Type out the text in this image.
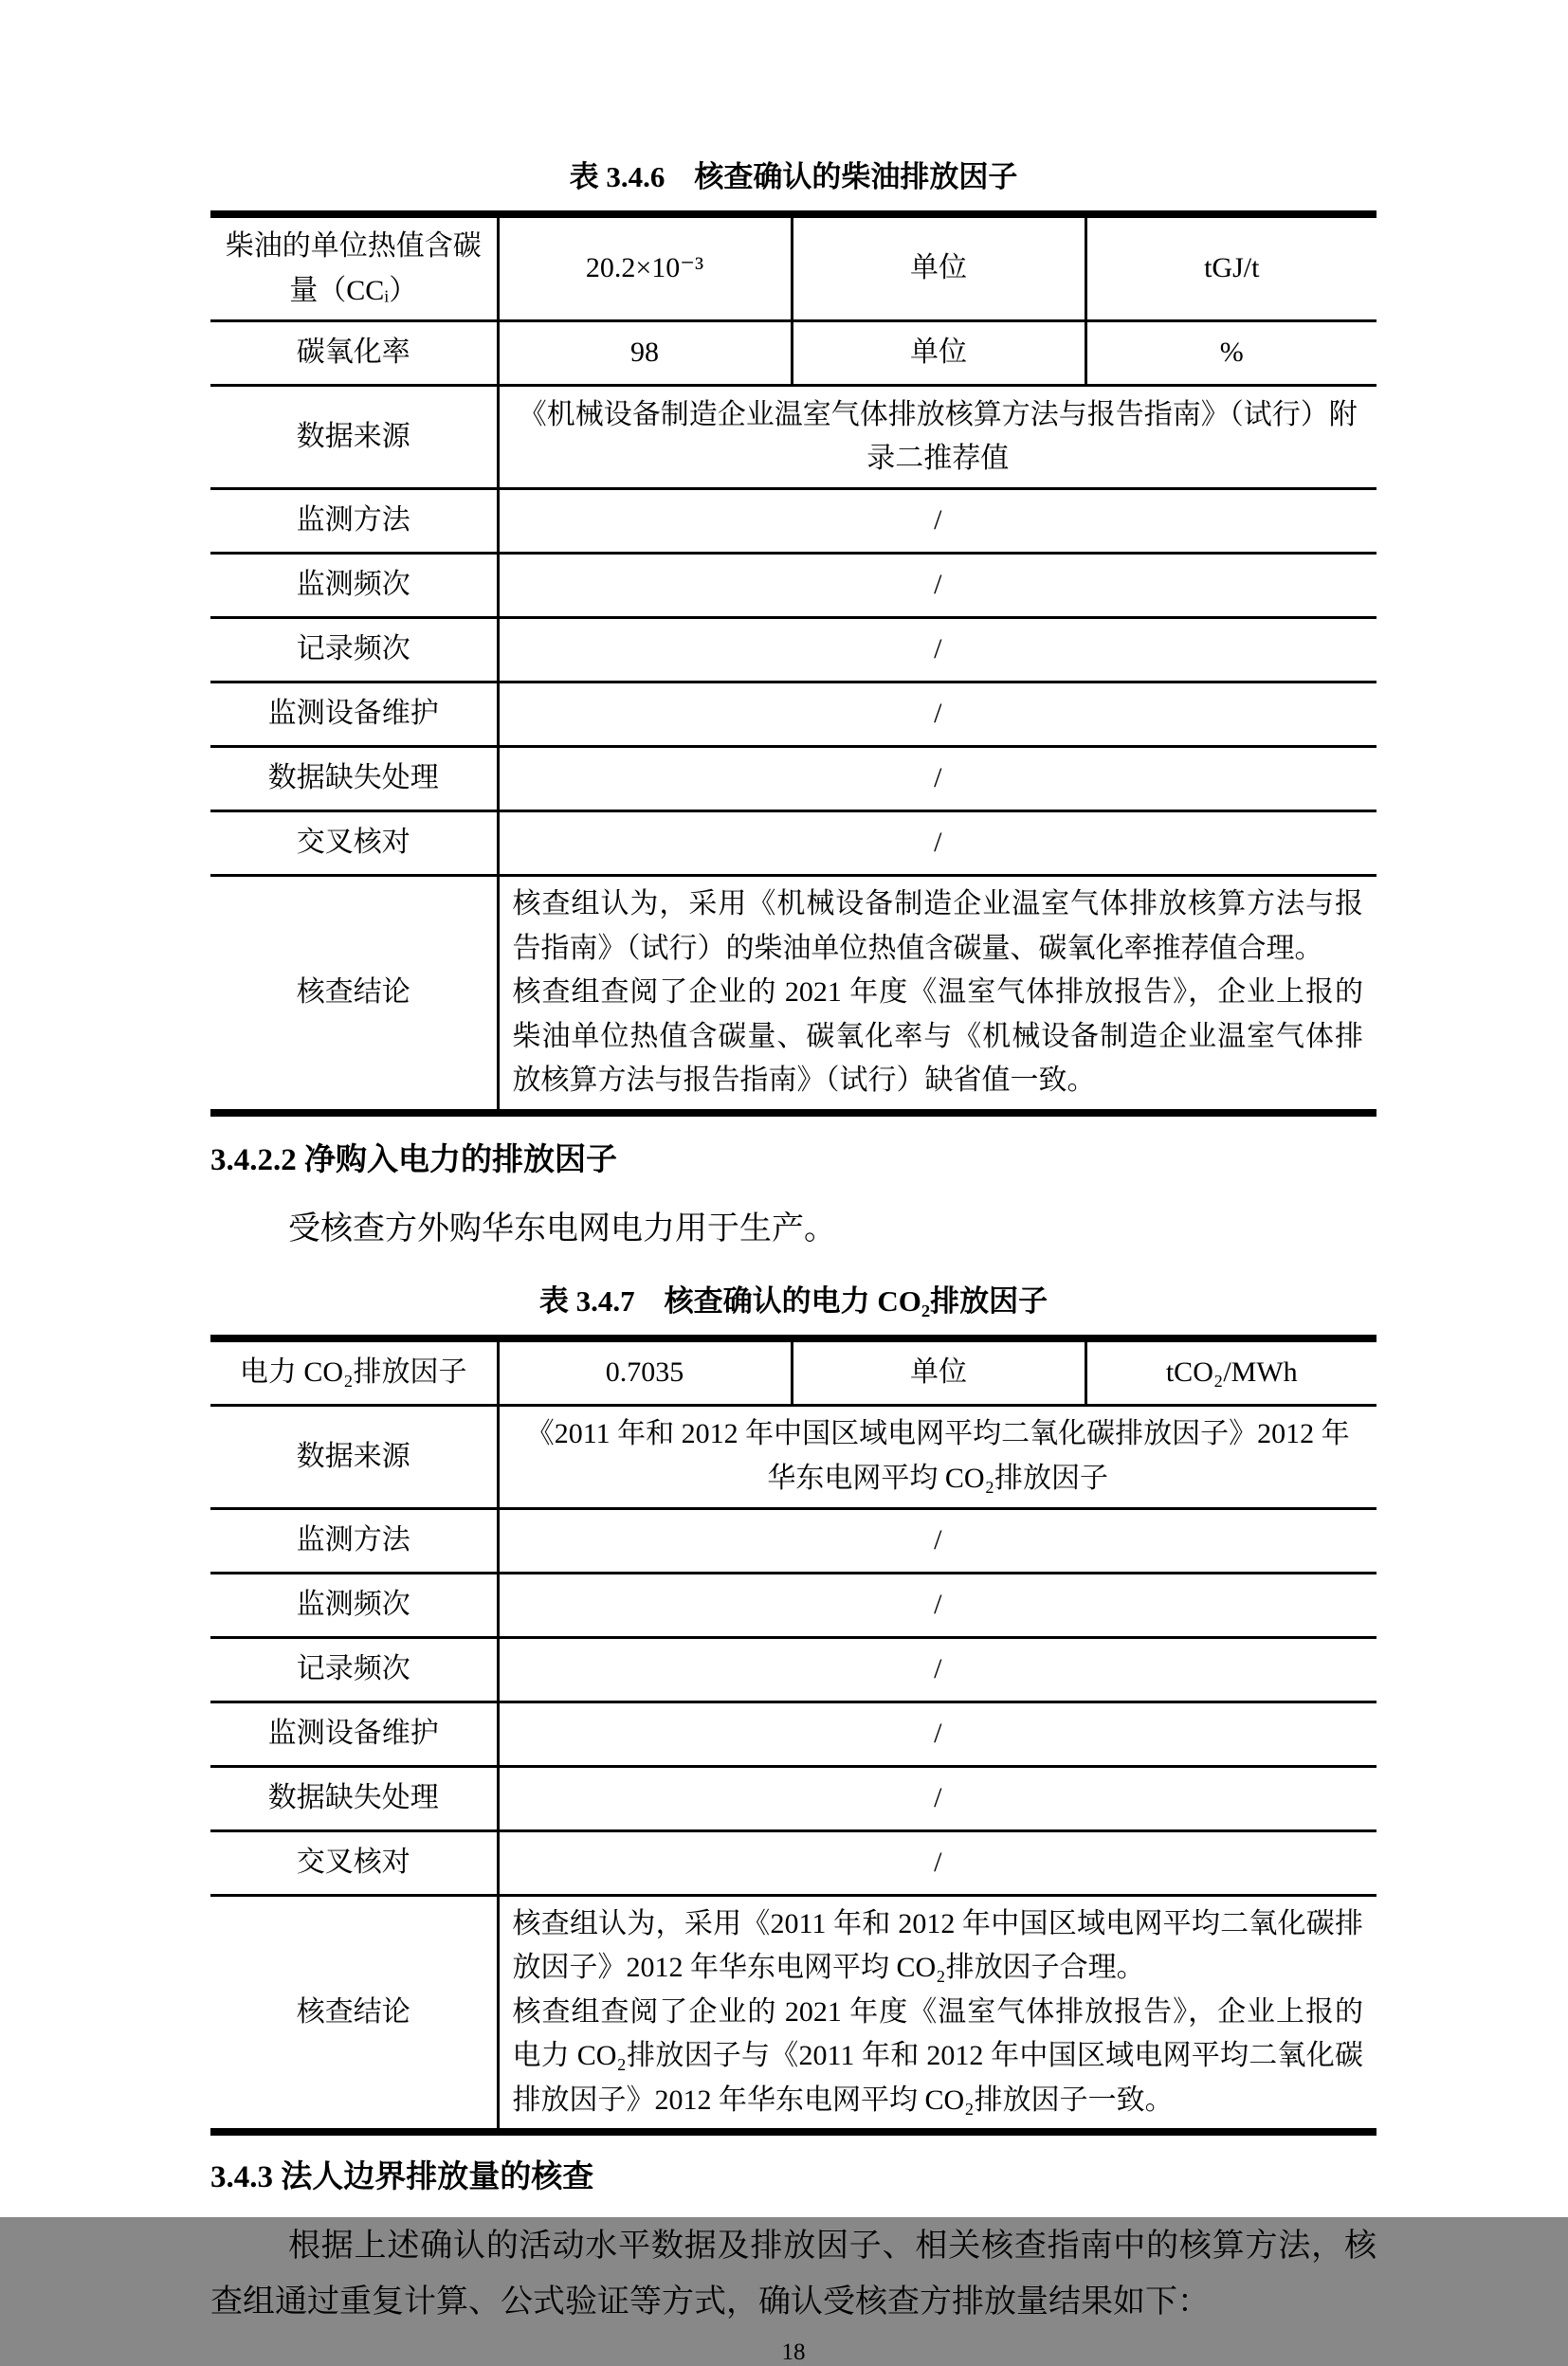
表 3.4.6　核查确认的柴油排放因子
柴油的单位热值含碳量（CCᵢ）	20.2×10⁻³	单位	tGJ/t
碳氧化率	98	单位	%
数据来源	《机械设备制造企业温室气体排放核算方法与报告指南》（试行）附录二推荐值		
监测方法	/		
监测频次	/		
记录频次	/		
监测设备维护	/		
数据缺失处理	/		
交叉核对	/		
核查结论	核查组认为，采用《机械设备制造企业温室气体排放核算方法与报告指南》（试行）的柴油单位热值含碳量、碳氧化率推荐值合理。
核查组查阅了企业的 2021 年度《温室气体排放报告》，企业上报的柴油单位热值含碳量、碳氧化率与《机械设备制造企业温室气体排放核算方法与报告指南》（试行）缺省值一致。		
3.4.2.2 净购入电力的排放因子
受核查方外购华东电网电力用于生产。
表 3.4.7　核查确认的电力 CO₂排放因子
电力 CO₂排放因子	0.7035	单位	tCO₂/MWh
数据来源	《2011 年和 2012 年中国区域电网平均二氧化碳排放因子》2012 年华东电网平均 CO₂排放因子		
监测方法	/		
监测频次	/		
记录频次	/		
监测设备维护	/		
数据缺失处理	/		
交叉核对	/		
核查结论	核查组认为，采用《2011 年和 2012 年中国区域电网平均二氧化碳排放因子》2012 年华东电网平均 CO₂排放因子合理。
核查组查阅了企业的 2021 年度《温室气体排放报告》，企业上报的电力 CO₂排放因子与《2011 年和 2012 年中国区域电网平均二氧化碳排放因子》2012 年华东电网平均 CO₂排放因子一致。		
3.4.3 法人边界排放量的核查
根据上述确认的活动水平数据及排放因子、相关核查指南中的核算方法，核查组通过重复计算、公式验证等方式，确认受核查方排放量结果如下：
18
